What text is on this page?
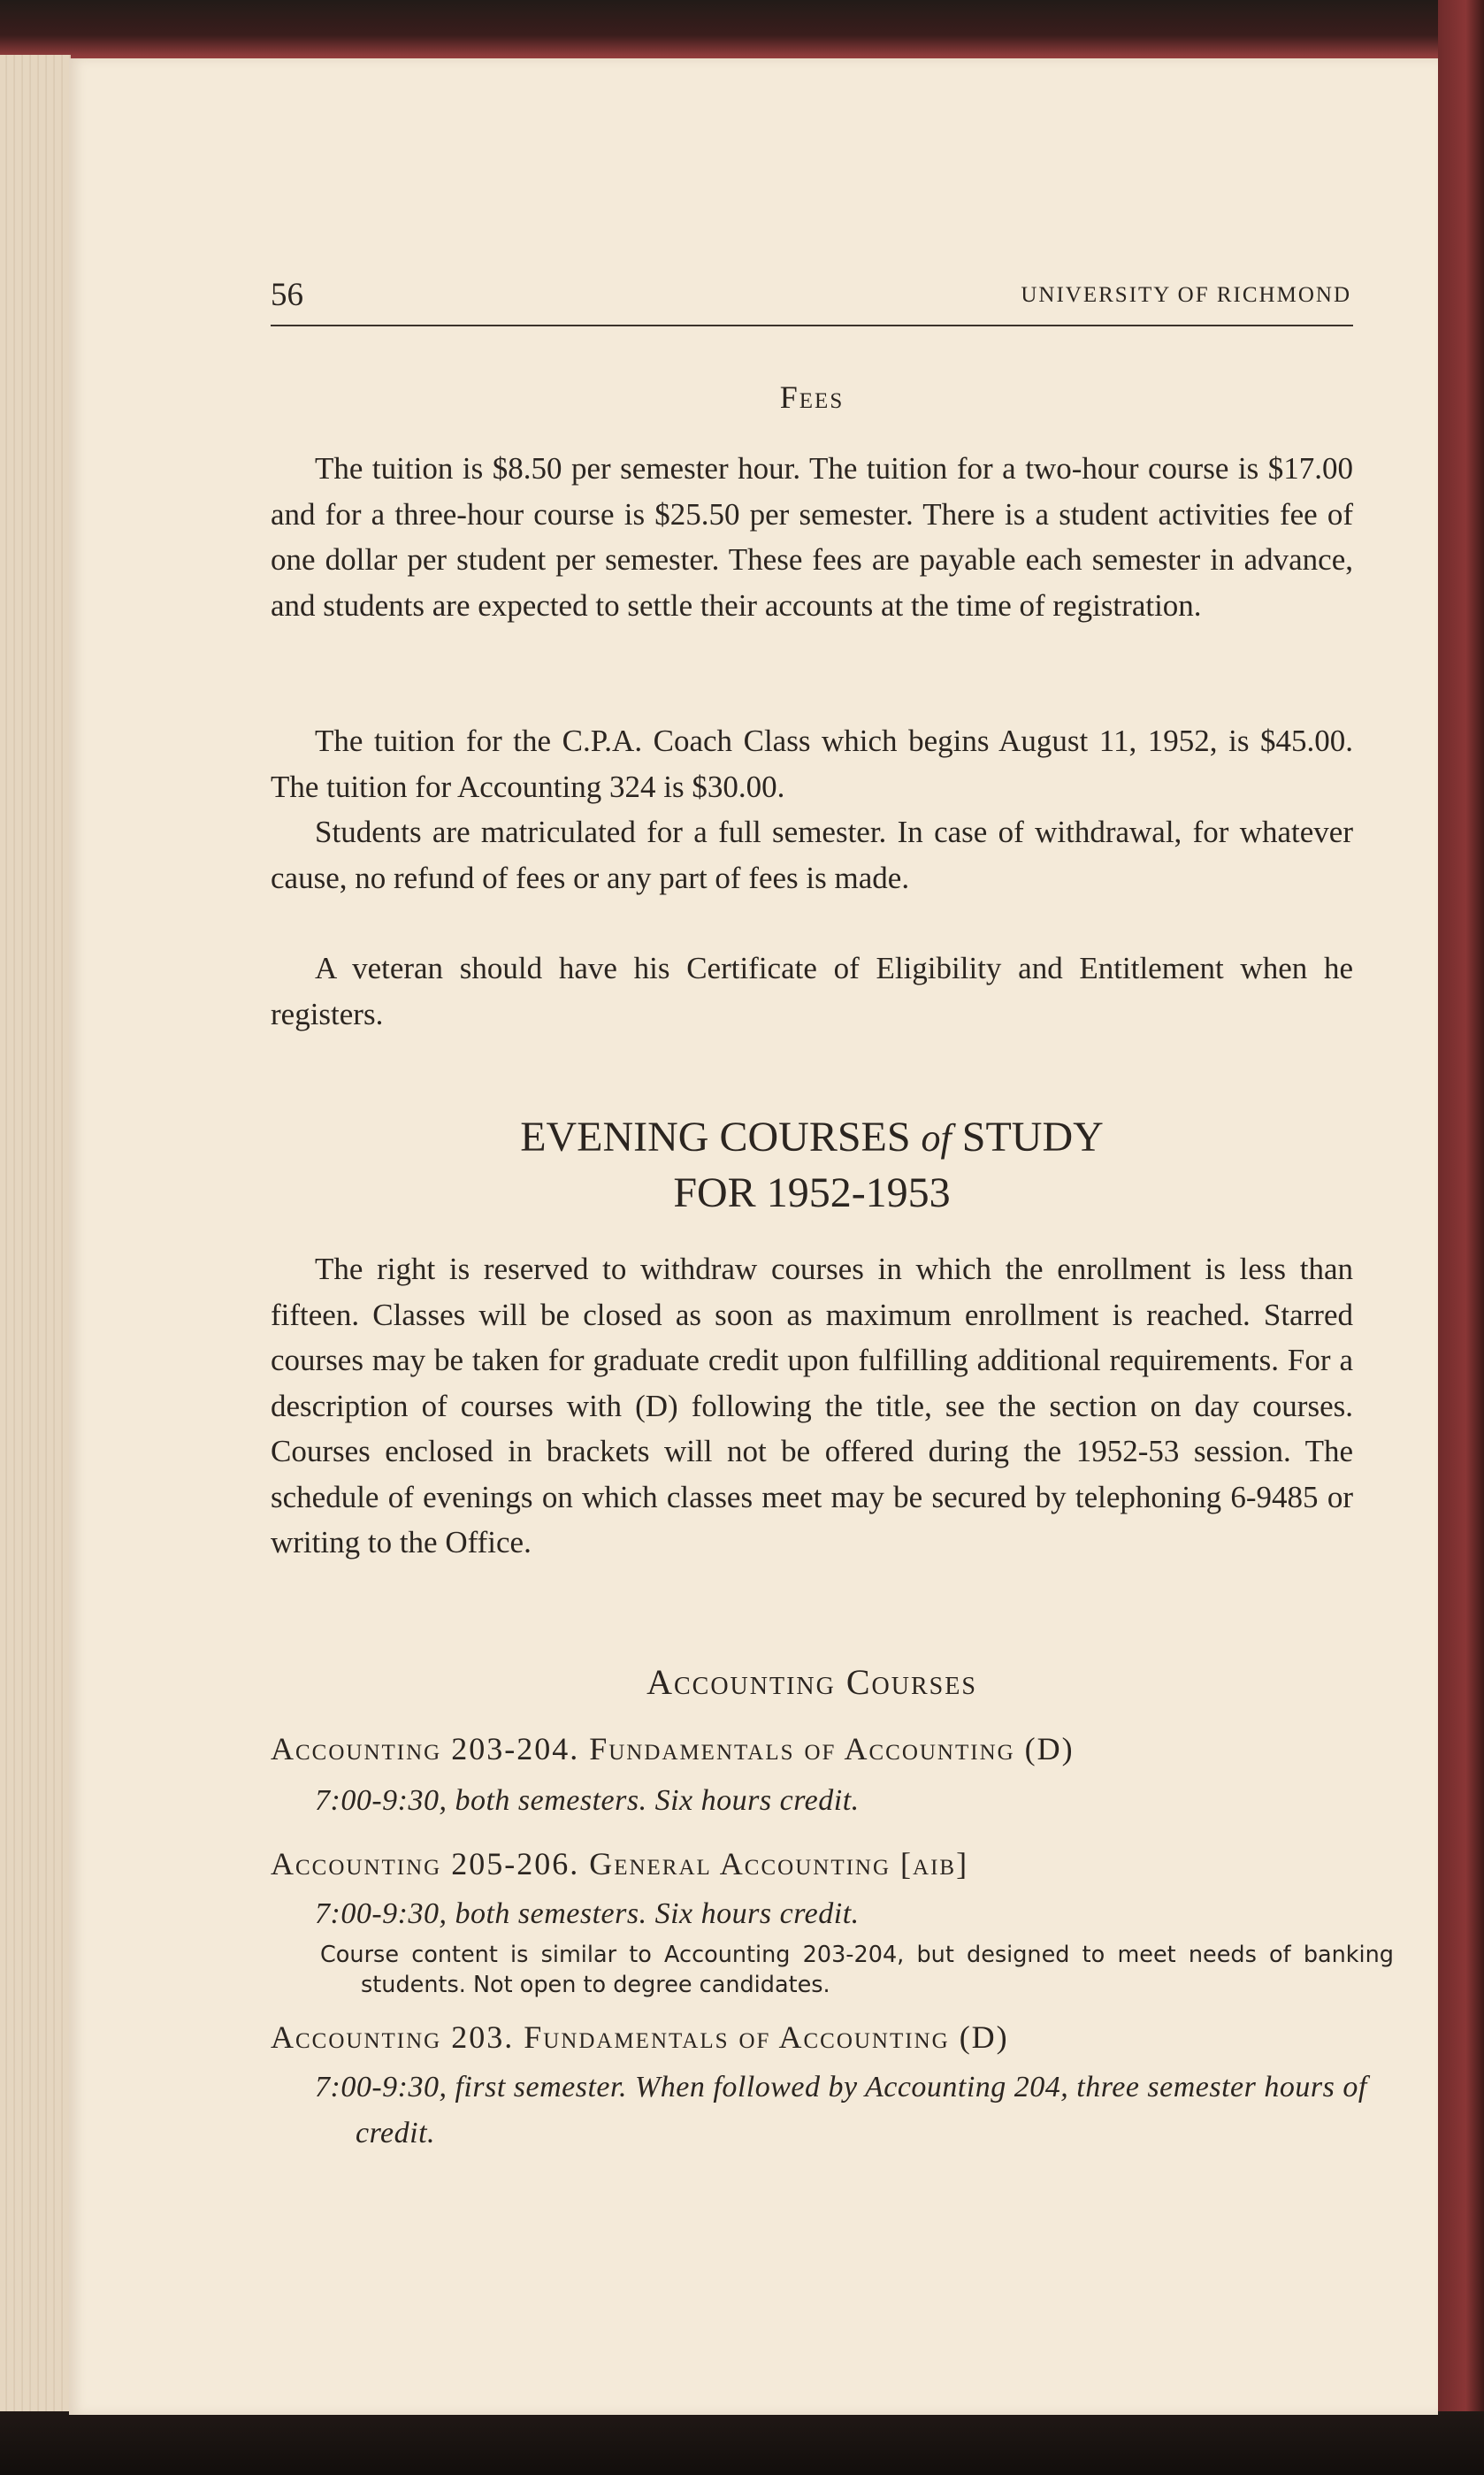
56	UNIVERSITY OF RICHMOND

Fees

The tuition is $8.50 per semester hour. The tuition for a two-hour course is $17.00 and for a three-hour course is $25.50 per semester. There is a student activities fee of one dollar per student per semester. These fees are payable each semester in advance, and students are expected to settle their accounts at the time of registration.

The tuition for the C.P.A. Coach Class which begins August 11, 1952, is $45.00. The tuition for Accounting 324 is $30.00.

Students are matriculated for a full semester. In case of withdrawal, for whatever cause, no refund of fees or any part of fees is made.

A veteran should have his Certificate of Eligibility and Entitlement when he registers.

EVENING COURSES of STUDY
FOR 1952-1953

The right is reserved to withdraw courses in which the enrollment is less than fifteen. Classes will be closed as soon as maximum enrollment is reached. Starred courses may be taken for graduate credit upon fulfilling additional requirements. For a description of courses with (D) following the title, see the section on day courses. Courses enclosed in brackets will not be offered during the 1952-53 session. The schedule of evenings on which classes meet may be secured by telephoning 6-9485 or writing to the Office.

Accounting Courses

Accounting 203-204. Fundamentals of Accounting (D)

7:00-9:30, both semesters. Six hours credit.

Accounting 205-206. General Accounting [aib]

7:00-9:30, both semesters. Six hours credit.

Course content is similar to Accounting 203-204, but designed to meet needs of banking students. Not open to degree candidates.

Accounting 203. Fundamentals of Accounting (D)

7:00-9:30, first semester. When followed by Accounting 204, three semester hours of credit.
